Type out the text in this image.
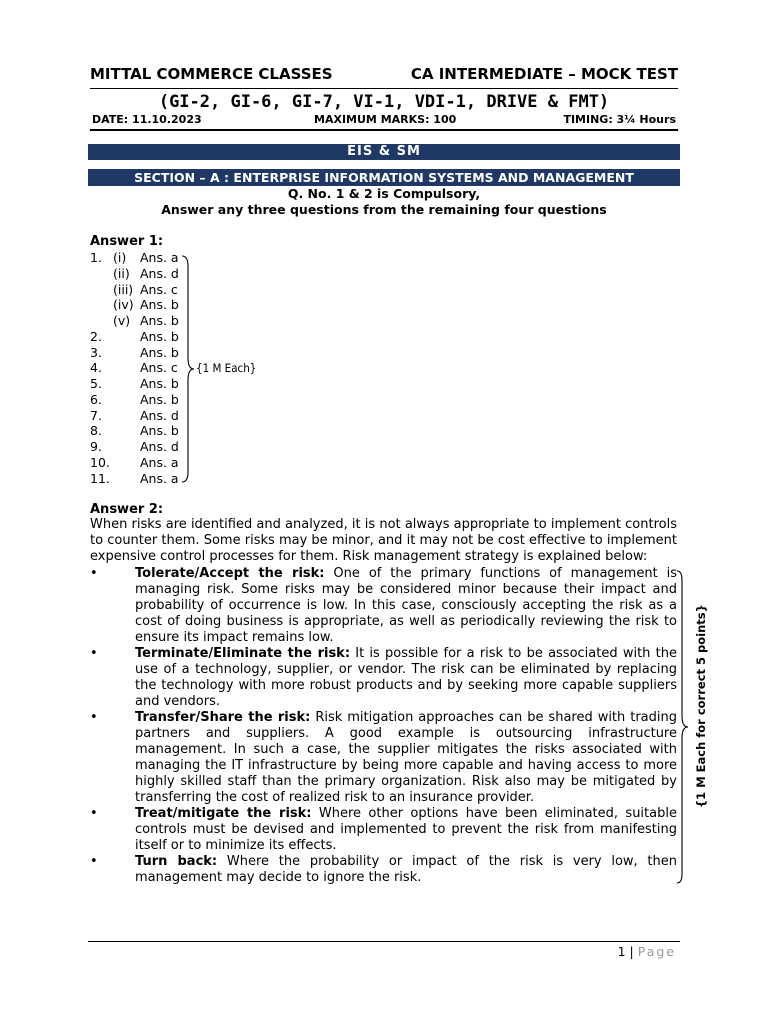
MITTAL COMMERCE CLASSES	CA INTERMEDIATE – MOCK TEST
(GI-2, GI-6, GI-7, VI-1, VDI-1, DRIVE & FMT)
DATE: 11.10.2023	MAXIMUM MARKS: 100	TIMING: 3¼ Hours
EIS & SM
SECTION – A : ENTERPRISE INFORMATION SYSTEMS AND MANAGEMENT
Q. No. 1 & 2 is Compulsory,
Answer any three questions from the remaining four questions
Answer 1:
1. (i) Ans. a
(ii) Ans. d
(iii) Ans. c
(iv) Ans. b
(v) Ans. b
2.	Ans. b
3.	Ans. b
4.	Ans. c
5.	Ans. b
6.	Ans. b
7.	Ans. d
8.	Ans. b
9.	Ans. d
10. Ans. a
11. Ans. a
{1 M Each}
Answer 2:
When risks are identified and analyzed, it is not always appropriate to implement controls to counter them. Some risks may be minor, and it may not be cost effective to implement expensive control processes for them. Risk management strategy is explained below:
•	Tolerate/Accept the risk: One of the primary functions of management is managing risk. Some risks may be considered minor because their impact and probability of occurrence is low. In this case, consciously accepting the risk as a cost of doing business is appropriate, as well as periodically reviewing the risk to ensure its impact remains low.
•	Terminate/Eliminate the risk: It is possible for a risk to be associated with the use of a technology, supplier, or vendor. The risk can be eliminated by replacing the technology with more robust products and by seeking more capable suppliers and vendors.
•	Transfer/Share the risk: Risk mitigation approaches can be shared with trading partners and suppliers. A good example is outsourcing infrastructure management. In such a case, the supplier mitigates the risks associated with managing the IT infrastructure by being more capable and having access to more highly skilled staff than the primary organization. Risk also may be mitigated by transferring the cost of realized risk to an insurance provider.
•	Treat/mitigate the risk: Where other options have been eliminated, suitable controls must be devised and implemented to prevent the risk from manifesting itself or to minimize its effects.
•	Turn back: Where the probability or impact of the risk is very low, then management may decide to ignore the risk.
{1 M Each for correct 5 points}
1 | Page
